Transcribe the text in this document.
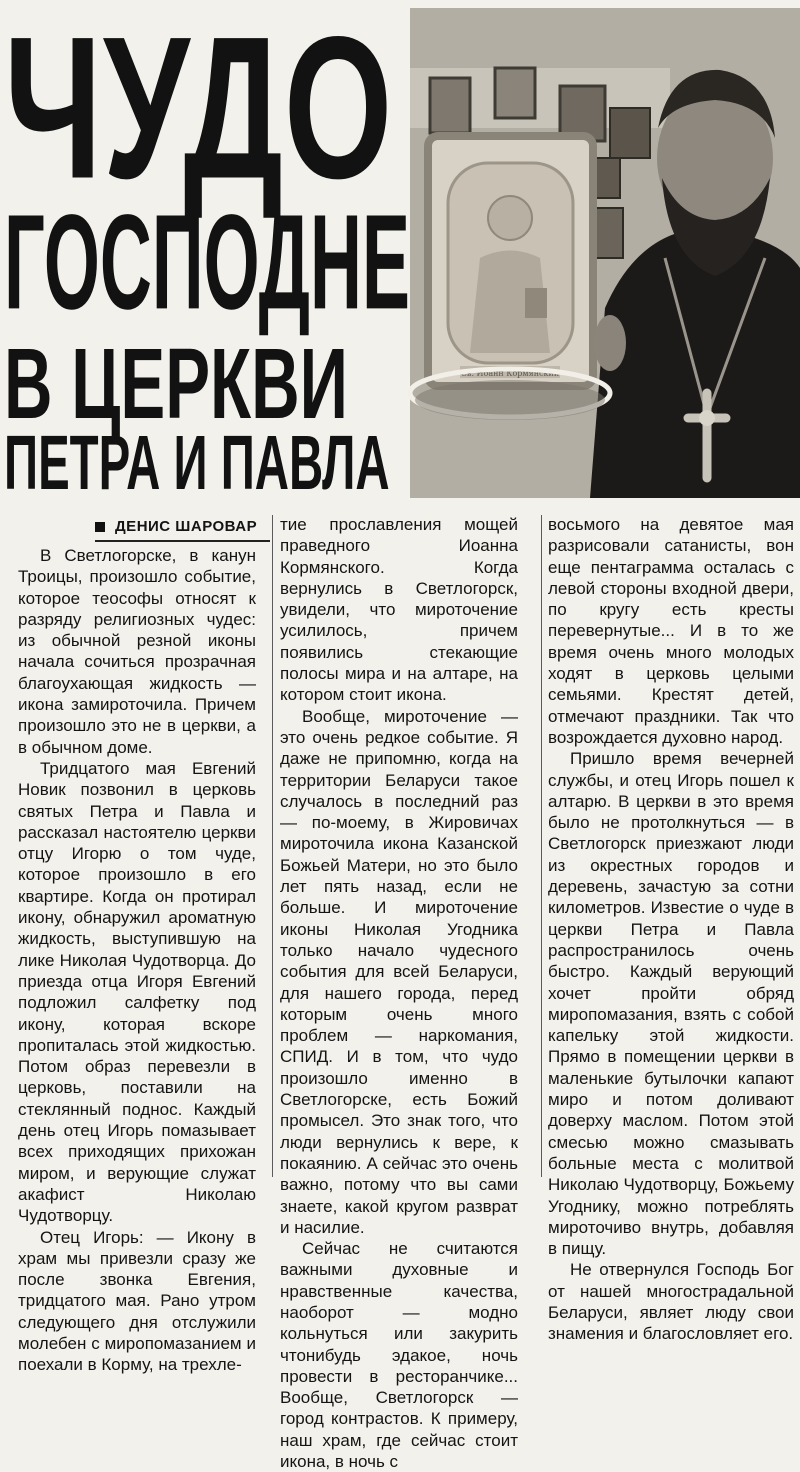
ЧУДО
ГОСПОДНЕ
В ЦЕРКВИ
ПЕТРА И ПАВЛА
Св. Иоанн Кормянский
ДЕНИС ШАРОВАР

В Светлогорске, в канун Троицы, произошло событие, которое теософы относят к разряду религиозных чудес: из обычной резной иконы начала сочиться прозрачная благоухающая жидкость — икона замироточила. Причем произошло это не в церкви, а в обычном доме.

Тридцатого мая Евгений Новик позвонил в церковь святых Петра и Павла и рассказал настоятелю церкви отцу Игорю о том чуде, которое произошло в его квартире. Когда он протирал икону, обнаружил ароматную жидкость, выступившую на лике Николая Чудотворца. До приезда отца Игоря Евгений подложил салфетку под икону, которая вскоре пропиталась этой жидкостью. Потом образ перевезли в церковь, поставили на стеклянный поднос. Каждый день отец Игорь помазывает всех приходящих прихожан миром, и верующие служат акафист Николаю Чудотворцу.

Отец Игорь: — Икону в храм мы привезли сразу же после звонка Евгения, тридцатого мая. Рано утром следующего дня отслужили молебен с миропомазанием и поехали в Корму, на трехле-

тие прославления мощей праведного Иоанна Кормянского. Когда вернулись в Светлогорск, увидели, что мироточение усилилось, причем появились стекающие полосы мира и на алтаре, на котором стоит икона.

Вообще, мироточение — это очень редкое событие. Я даже не припомню, когда на территории Беларуси такое случалось в последний раз — по-моему, в Жировичах мироточила икона Казанской Божьей Матери, но это было лет пять назад, если не больше. И мироточение иконы Николая Угодника только начало чудесного события для всей Беларуси, для нашего города, перед которым очень много проблем — наркомания, СПИД. И в том, что чудо произошло именно в Светлогорске, есть Божий промысел. Это знак того, что люди вернулись к вере, к покаянию. А сейчас это очень важно, потому что вы сами знаете, какой кругом разврат и насилие.

Сейчас не считаются важными духовные и нравственные качества, наоборот — модно кольнуться или закурить чтонибудь эдакое, ночь провести в ресторанчике... Вообще, Светлогорск — город контрастов. К примеру, наш храм, где сейчас стоит икона, в ночь с

восьмого на девятое мая разрисовали сатанисты, вон еще пентаграмма осталась с левой стороны входной двери, по кругу есть кресты перевернутые... И в то же время очень много молодых ходят в церковь целыми семьями. Крестят детей, отмечают праздники. Так что возрождается духовно народ.

Пришло время вечерней службы, и отец Игорь пошел к алтарю. В церкви в это время было не протолкнуться — в Светлогорск приезжают люди из окрестных городов и деревень, зачастую за сотни километров. Известие о чуде в церкви Петра и Павла распространилось очень быстро. Каждый верующий хочет пройти обряд миропомазания, взять с собой капельку этой жидкости. Прямо в помещении церкви в маленькие бутылочки капают миро и потом доливают доверху маслом. Потом этой смесью можно смазывать больные места с молитвой Николаю Чудотворцу, Божьему Угоднику, можно потреблять мироточиво внутрь, добавляя в пищу.

Не отвернулся Господь Бог от нашей многострадальной Беларуси, являет люду свои знамения и благословляет его.
